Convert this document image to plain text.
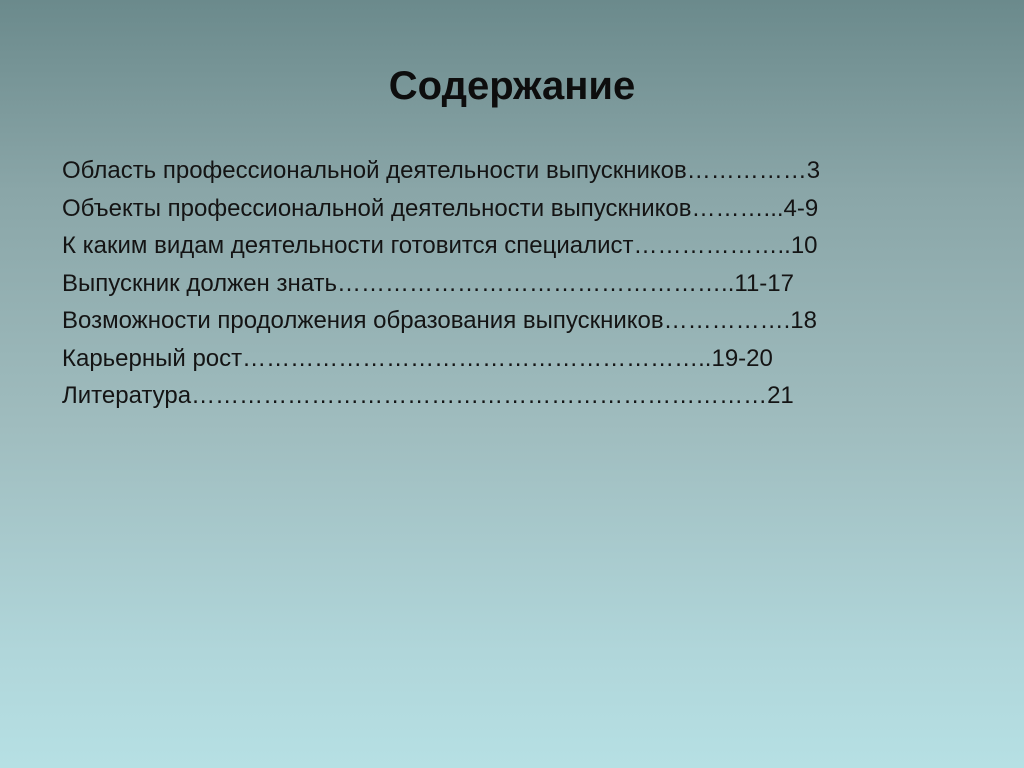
Содержание
Область профессиональной деятельности выпускников……………3
Объекты профессиональной деятельности выпускников………...4-9
К каким видам деятельности готовится специалист………………..10
Выпускник должен знать…………………………………………..11-17
Возможности продолжения образования выпускников…………….18
Карьерный рост…………………………………………………..19-20
Литература………………………………………………………………21
